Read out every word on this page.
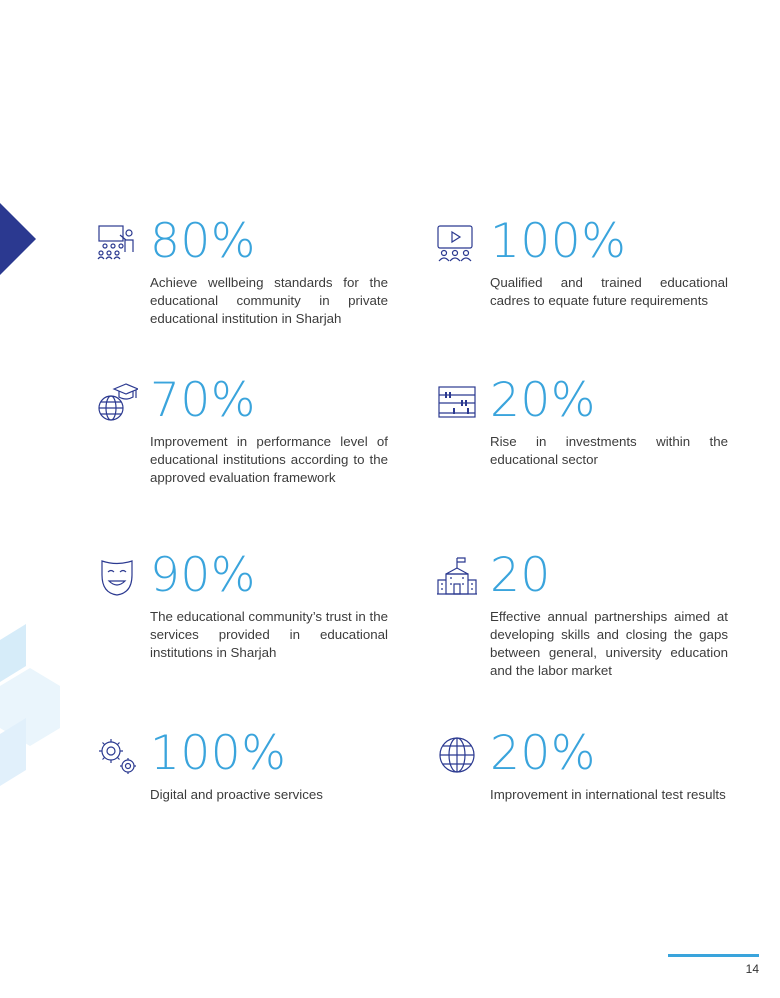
80%
Achieve wellbeing standards for the educational community in private educational institution in Sharjah
100%
Qualified and trained educational cadres to equate future requirements
70%
Improvement in performance level of educational institutions according to the approved evaluation framework
20%
Rise in investments within the educational sector
90%
The educational community’s trust in the services provided in educational institutions in Sharjah
20
Effective annual partnerships aimed at developing skills and closing the gaps between general, university education and the labor market
100%
Digital and proactive services
20%
Improvement in international test results
14
